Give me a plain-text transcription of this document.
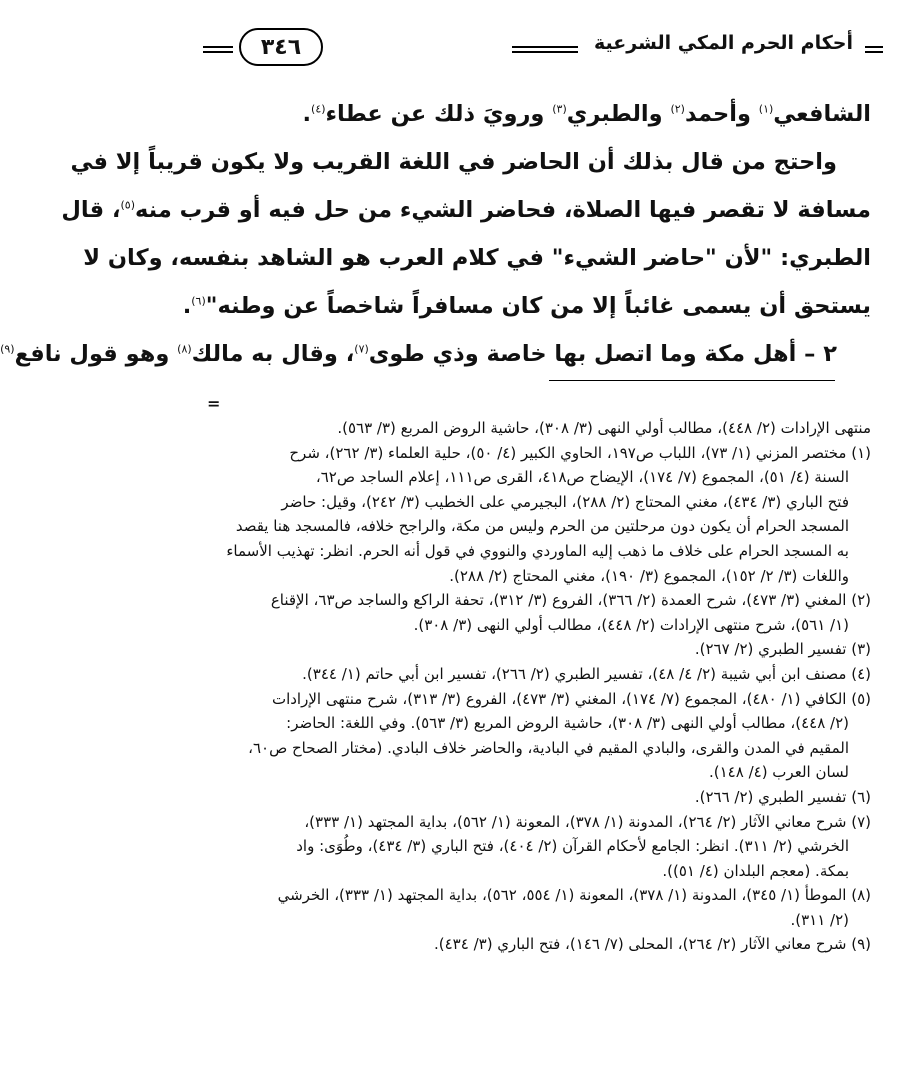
أحكام الحرم المكي الشرعية
٣٤٦

الشافعي$^{(١)}$ وأحمد$^{(٢)}$ والطبري$^{(٣)}$ ورويَ ذلك عن عطاء$^{(٤)}$.

واحتج من قال بذلك أن الحاضر في اللغة القريب ولا يكون قريباً إلا في

مسافة لا تقصر فيها الصلاة، فحاضر الشيء من حل فيه أو قرب منه$^{(٥)}$، قال

الطبري: "لأن "حاضر الشيء" في كلام العرب هو الشاهد بنفسه، وكان لا

يستحق أن يسمى غائباً إلا من كان مسافراً شاخصاً عن وطنه"$^{(٦)}$.

٢ – أهل مكة وما اتصل بها خاصة وذي طوى$^{(٧)}$، وقال به مالك$^{(٨)}$ وهو قول نافع$^{(٩)}$

=
منتهى الإرادات (٢/ ٤٤٨)، مطالب أولي النهى (٣/ ٣٠٨)، حاشية الروض المربع (٣/ ٥٦٣).
(١) مختصر المزني (١/ ٧٣)، اللباب ص١٩٧، الحاوي الكبير (٤/ ٥٠)، حلية العلماء (٣/ ٢٦٢)، شرح
السنة (٤/ ٥١)، المجموع (٧/ ١٧٤)، الإيضاح ص٤١٨، القرى ص١١١، إعلام الساجد ص٦٢،
فتح الباري (٣/ ٤٣٤)، مغني المحتاج (٢/ ٢٨٨)، البجيرمي على الخطيب (٣/ ٢٤٢)، وقيل: حاضر
المسجد الحرام أن يكون دون مرحلتين من الحرم وليس من مكة، والراجح خلافه، فالمسجد هنا يقصد
به المسجد الحرام على خلاف ما ذهب إليه الماوردي والنووي في قول أنه الحرم. انظر: تهذيب الأسماء
واللغات (٣/ ٢/ ١٥٢)، المجموع (٣/ ١٩٠)، مغني المحتاج (٢/ ٢٨٨).
(٢) المغني (٣/ ٤٧٣)، شرح العمدة (٢/ ٣٦٦)، الفروع (٣/ ٣١٢)، تحفة الراكع والساجد ص٦٣، الإقناع
(١/ ٥٦١)، شرح منتهى الإرادات (٢/ ٤٤٨)، مطالب أولي النهى (٣/ ٣٠٨).
(٣) تفسير الطبري (٢/ ٢٦٧).
(٤) مصنف ابن أبي شيبة (٢/ ٤/ ٤٨)، تفسير الطبري (٢/ ٢٦٦)، تفسير ابن أبي حاتم (١/ ٣٤٤).
(٥) الكافي (١/ ٤٨٠)، المجموع (٧/ ١٧٤)، المغني (٣/ ٤٧٣)، الفروع (٣/ ٣١٣)، شرح منتهى الإرادات
(٢/ ٤٤٨)، مطالب أولي النهى (٣/ ٣٠٨)، حاشية الروض المربع (٣/ ٥٦٣). وفي اللغة: الحاضر:
المقيم في المدن والقرى، والبادي المقيم في البادية، والحاضر خلاف البادي. (مختار الصحاح ص٦٠،
لسان العرب (٤/ ١٤٨).
(٦) تفسير الطبري (٢/ ٢٦٦).
(٧) شرح معاني الآثار (٢/ ٢٦٤)، المدونة (١/ ٣٧٨)، المعونة (١/ ٥٦٢)، بداية المجتهد (١/ ٣٣٣)،
الخرشي (٢/ ٣١١). انظر: الجامع لأحكام القرآن (٢/ ٤٠٤)، فتح الباري (٣/ ٤٣٤)، وطُوَى: واد
بمكة. (معجم البلدان (٤/ ٥١)).
(٨) الموطأ (١/ ٣٤٥)، المدونة (١/ ٣٧٨)، المعونة (١/ ٥٥٤، ٥٦٢)، بداية المجتهد (١/ ٣٣٣)، الخرشي
(٢/ ٣١١).
(٩) شرح معاني الآثار (٢/ ٢٦٤)، المحلى (٧/ ١٤٦)، فتح الباري (٣/ ٤٣٤).
